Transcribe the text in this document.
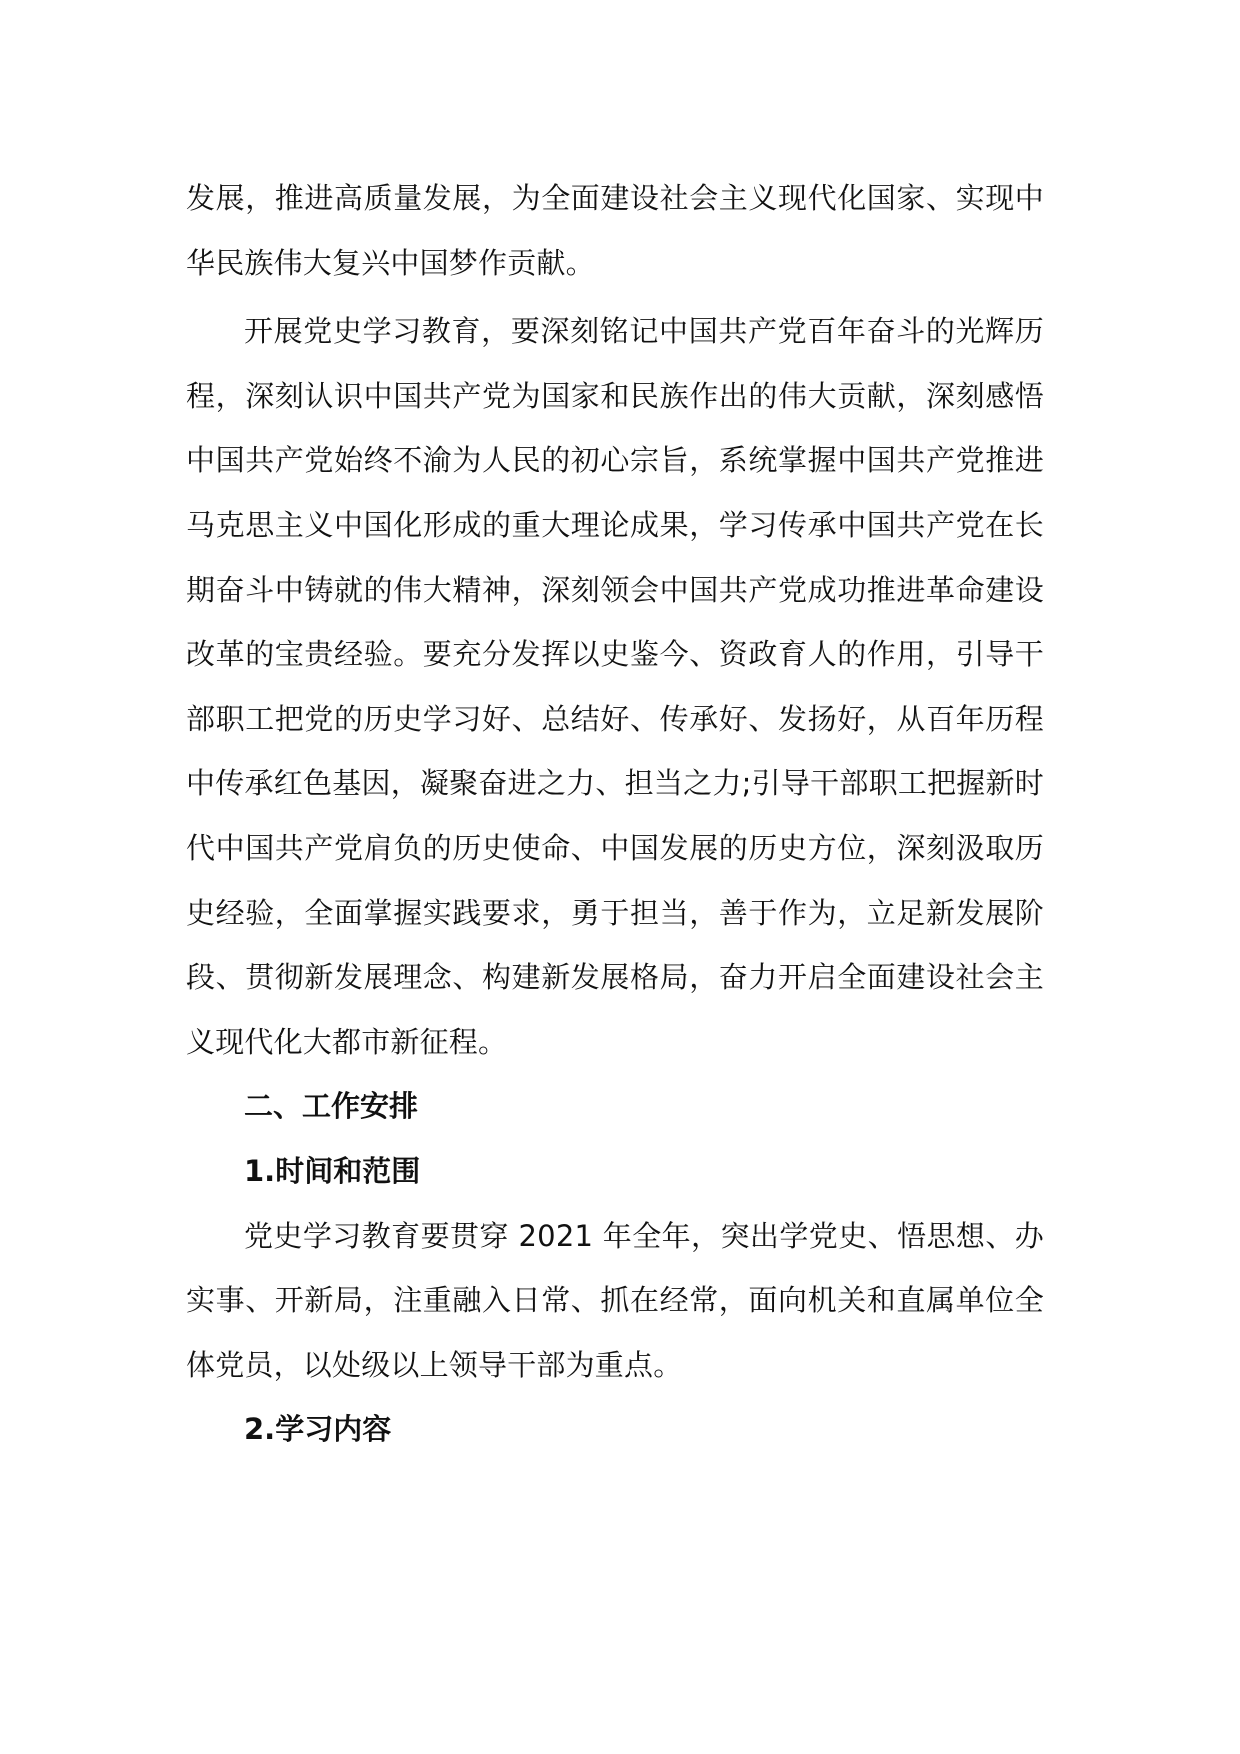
发展，推进高质量发展，为全面建设社会主义现代化国家、实现中华民族伟大复兴中国梦作贡献。

开展党史学习教育，要深刻铭记中国共产党百年奋斗的光辉历程，深刻认识中国共产党为国家和民族作出的伟大贡献，深刻感悟中国共产党始终不渝为人民的初心宗旨，系统掌握中国共产党推进马克思主义中国化形成的重大理论成果，学习传承中国共产党在长期奋斗中铸就的伟大精神，深刻领会中国共产党成功推进革命建设改革的宝贵经验。要充分发挥以史鉴今、资政育人的作用，引导干部职工把党的历史学习好、总结好、传承好、发扬好，从百年历程中传承红色基因，凝聚奋进之力、担当之力;引导干部职工把握新时代中国共产党肩负的历史使命、中国发展的历史方位，深刻汲取历史经验，全面掌握实践要求，勇于担当，善于作为，立足新发展阶段、贯彻新发展理念、构建新发展格局，奋力开启全面建设社会主义现代化大都市新征程。

二、工作安排

1.时间和范围

党史学习教育要贯穿 2021 年全年，突出学党史、悟思想、办实事、开新局，注重融入日常、抓在经常，面向机关和直属单位全体党员，以处级以上领导干部为重点。

2.学习内容
